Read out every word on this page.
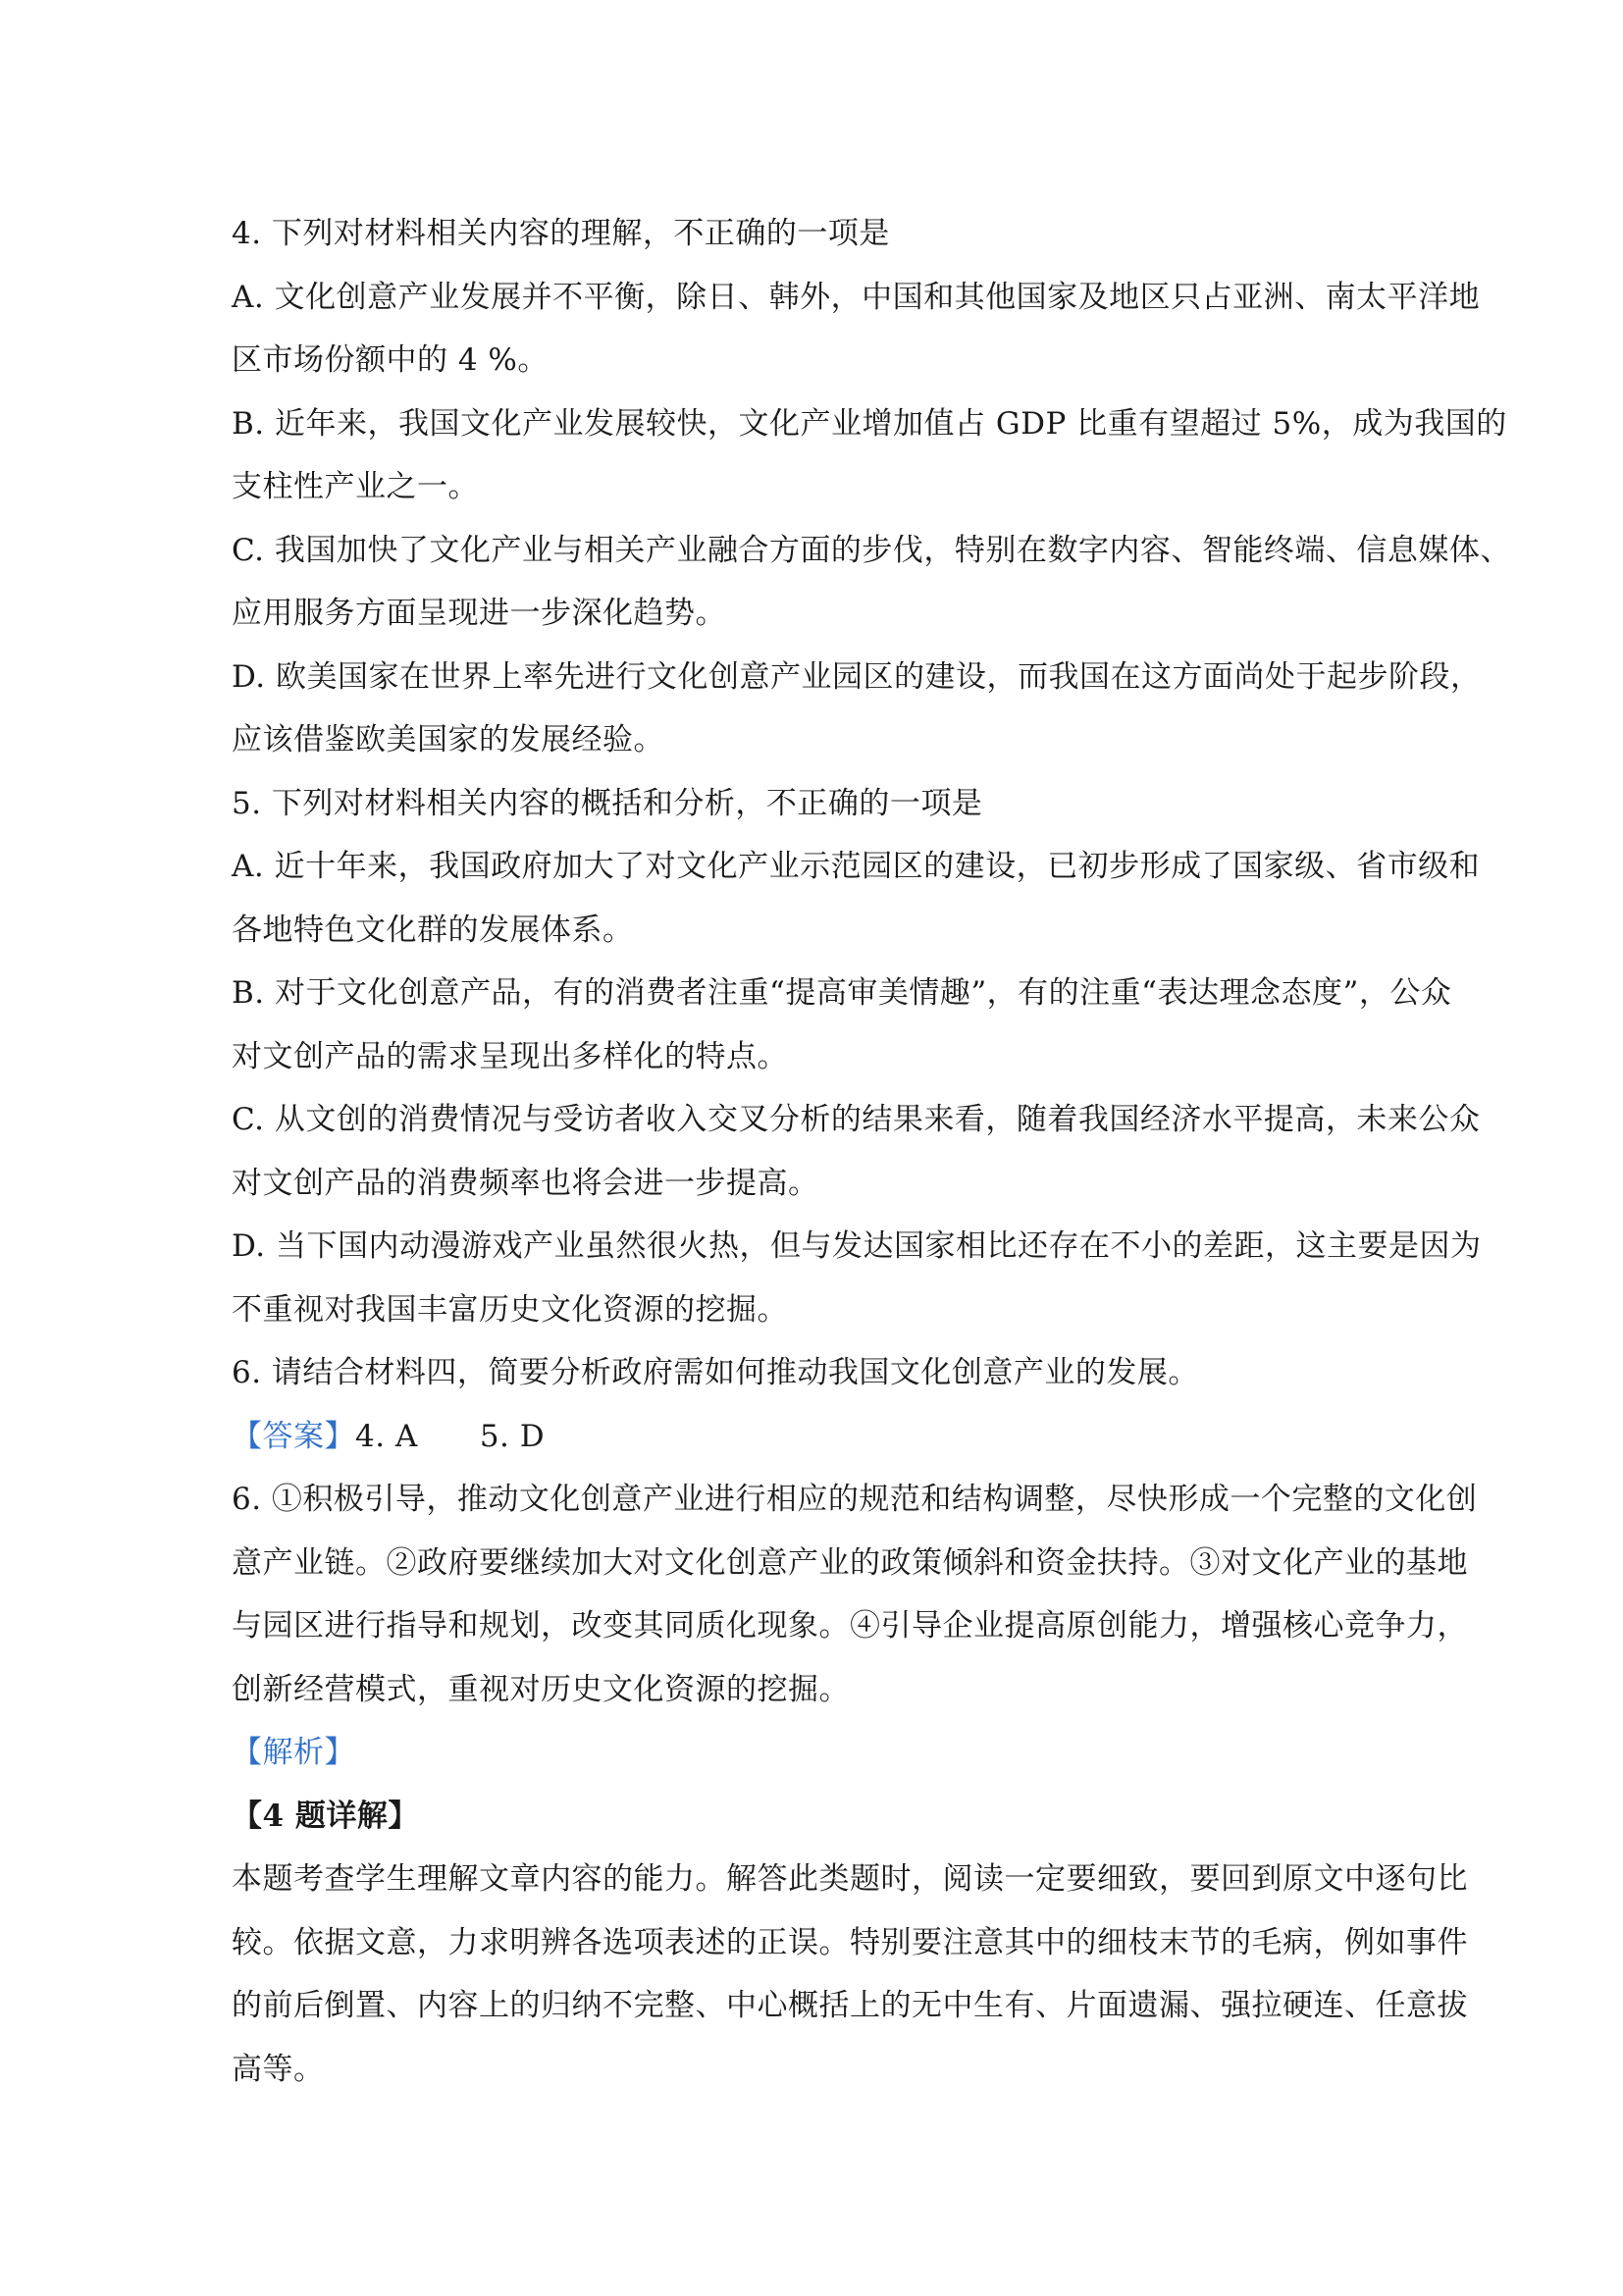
4. 下列对材料相关内容的理解，不正确的一项是
A. 文化创意产业发展并不平衡，除日、韩外，中国和其他国家及地区只占亚洲、南太平洋地
区市场份额中的 4 %。
B. 近年来，我国文化产业发展较快，文化产业增加值占 GDP 比重有望超过 5%，成为我国的
支柱性产业之一。
C. 我国加快了文化产业与相关产业融合方面的步伐，特别在数字内容、智能终端、信息媒体、
应用服务方面呈现进一步深化趋势。
D. 欧美国家在世界上率先进行文化创意产业园区的建设，而我国在这方面尚处于起步阶段，
应该借鉴欧美国家的发展经验。
5. 下列对材料相关内容的概括和分析，不正确的一项是
A. 近十年来，我国政府加大了对文化产业示范园区的建设，已初步形成了国家级、省市级和
各地特色文化群的发展体系。
B. 对于文化创意产品，有的消费者注重“提高审美情趣”，有的注重“表达理念态度”，公众
对文创产品的需求呈现出多样化的特点。
C. 从文创的消费情况与受访者收入交叉分析的结果来看，随着我国经济水平提高，未来公众
对文创产品的消费频率也将会进一步提高。
D. 当下国内动漫游戏产业虽然很火热，但与发达国家相比还存在不小的差距，这主要是因为
不重视对我国丰富历史文化资源的挖掘。
6. 请结合材料四，简要分析政府需如何推动我国文化创意产业的发展。
【答案】4. A　　5. D
6. ①积极引导，推动文化创意产业进行相应的规范和结构调整，尽快形成一个完整的文化创
意产业链。②政府要继续加大对文化创意产业的政策倾斜和资金扶持。③对文化产业的基地
与园区进行指导和规划，改变其同质化现象。④引导企业提高原创能力，增强核心竞争力，
创新经营模式，重视对历史文化资源的挖掘。
【解析】
【4 题详解】
本题考查学生理解文章内容的能力。解答此类题时，阅读一定要细致，要回到原文中逐句比
较。依据文意，力求明辨各选项表述的正误。特别要注意其中的细枝末节的毛病，例如事件
的前后倒置、内容上的归纳不完整、中心概括上的无中生有、片面遗漏、强拉硬连、任意拔
高等。
